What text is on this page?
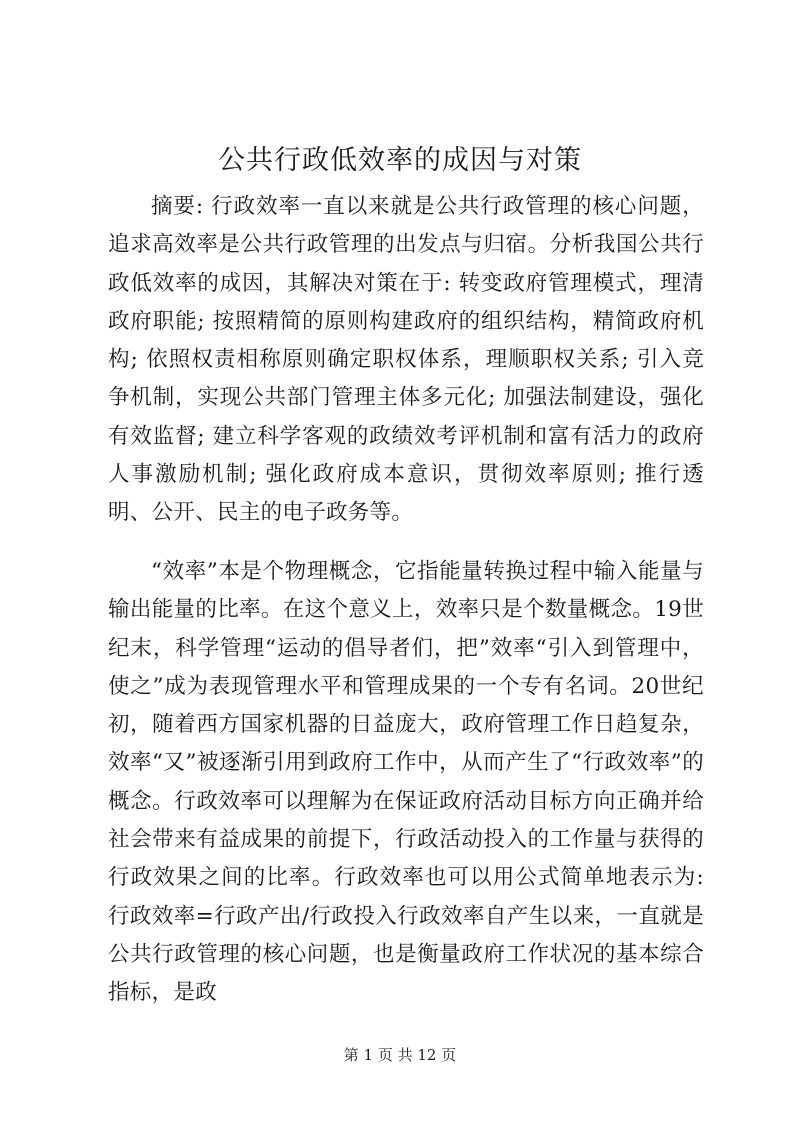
公共行政低效率的成因与对策

摘要: 行政效率一直以来就是公共行政管理的核心问题，追求高效率是公共行政管理的出发点与归宿。分析我国公共行政低效率的成因，其解决对策在于: 转变政府管理模式，理清政府职能; 按照精简的原则构建政府的组织结构，精简政府机构; 依照权责相称原则确定职权体系，理顺职权关系; 引入竞争机制，实现公共部门管理主体多元化; 加强法制建设，强化有效监督; 建立科学客观的政绩效考评机制和富有活力的政府人事激励机制; 强化政府成本意识，贯彻效率原则; 推行透明、公开、民主的电子政务等。

“效率”本是个物理概念，它指能量转换过程中输入能量与输出能量的比率。在这个意义上，效率只是个数量概念。19世纪末，科学管理“运动的倡导者们，把”效率“引入到管理中，使之”成为表现管理水平和管理成果的一个专有名词。20世纪初，随着西方国家机器的日益庞大，政府管理工作日趋复杂，效率“又”被逐渐引用到政府工作中，从而产生了“行政效率”的概念。行政效率可以理解为在保证政府活动目标方向正确并给社会带来有益成果的前提下，行政活动投入的工作量与获得的行政效果之间的比率。行政效率也可以用公式简单地表示为: 行政效率=行政产出/行政投入行政效率自产生以来，一直就是公共行政管理的核心问题，也是衡量政府工作状况的基本综合指标，是政

第 1 页 共 12 页
